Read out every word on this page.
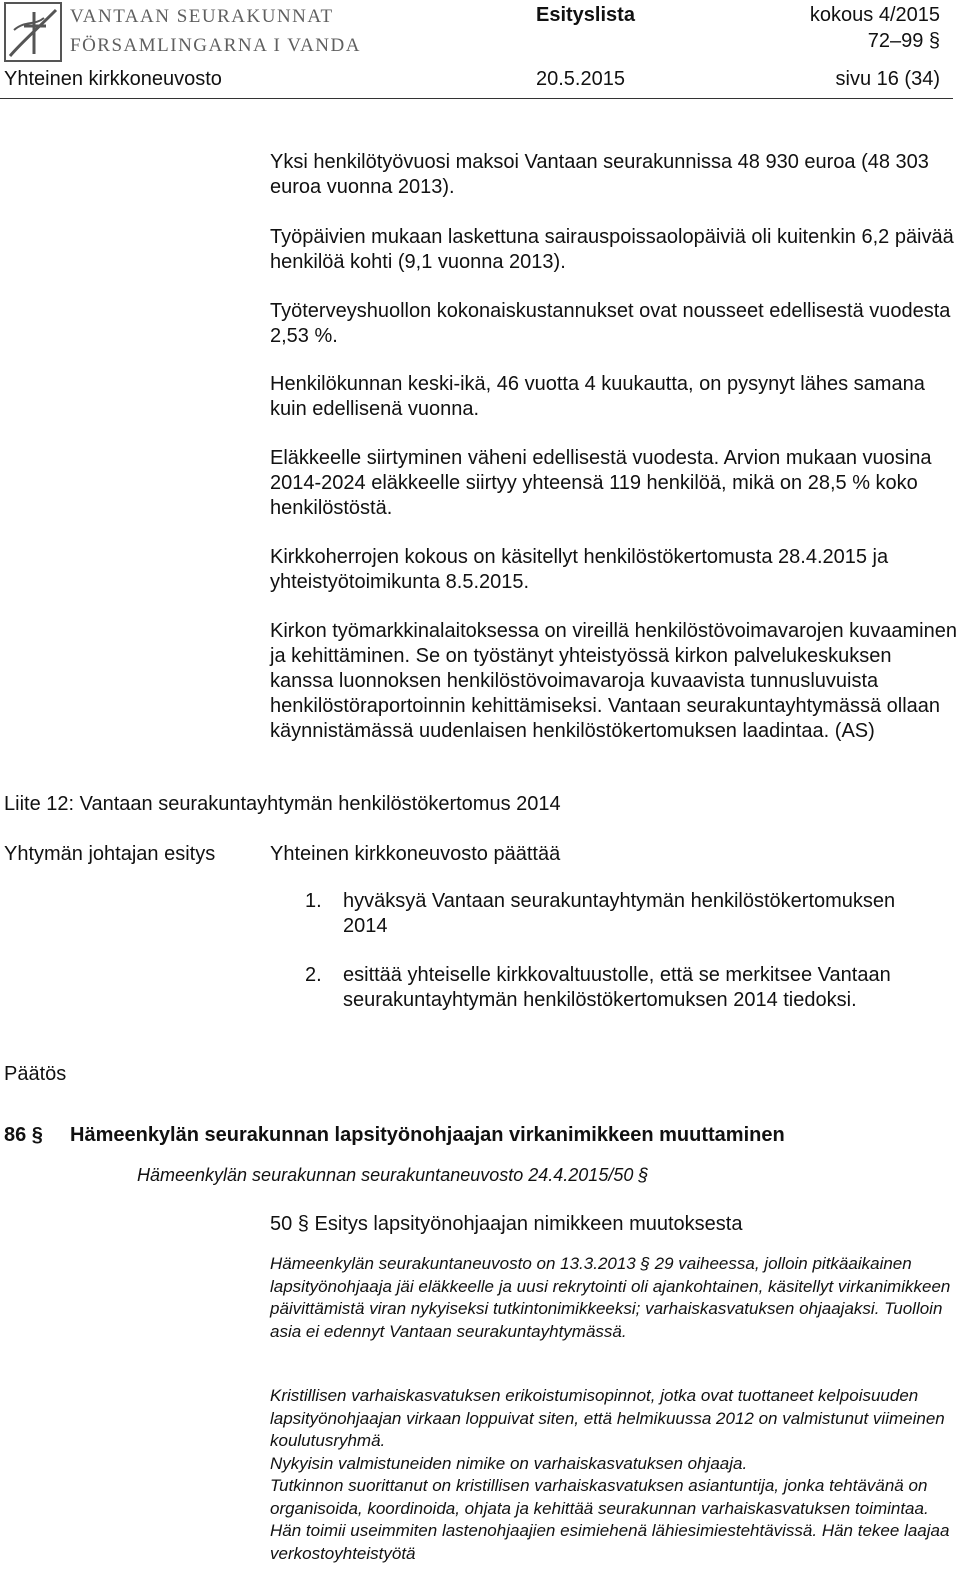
VANTAAN SEURAKUNNAT
FÖRSAMLINGARNA I VANDA
Esityslista	kokous 4/2015
72–99 §
Yhteinen kirkkoneuvosto	20.5.2015	sivu 16 (34)
Yksi henkilötyövuosi maksoi Vantaan seurakunnissa 48 930 euroa (48 303 euroa vuonna 2013).
Työpäivien mukaan laskettuna sairauspoissaolopäiviä oli kuitenkin 6,2 päivää henkilöä kohti (9,1 vuonna 2013).
Työterveyshuollon kokonaiskustannukset ovat nousseet edellisestä vuodesta 2,53 %.
Henkilökunnan keski-ikä, 46 vuotta 4 kuukautta, on pysynyt lähes samana kuin edellisenä vuonna.
Eläkkeelle siirtyminen väheni edellisestä vuodesta. Arvion mukaan vuosina 2014-2024 eläkkeelle siirtyy yhteensä 119 henkilöä, mikä on 28,5 % koko henkilöstöstä.
Kirkkoherrojen kokous on käsitellyt henkilöstökertomusta 28.4.2015 ja yhteistyötoimikunta 8.5.2015.
Kirkon työmarkkinalaitoksessa on vireillä henkilöstövoimavarojen kuvaaminen ja kehittäminen. Se on työstänyt yhteistyössä kirkon palvelukeskuksen kanssa luonnoksen henkilöstövoimavaroja kuvaavista tunnusluvuista henkilöstöraportoinnin kehittämiseksi. Vantaan seurakuntayhtymässä ollaan käynnistämässä uudenlaisen henkilöstökertomuksen laadintaa. (AS)
Liite 12: Vantaan seurakuntayhtymän henkilöstökertomus 2014
Yhtymän johtajan esitys	Yhteinen kirkkoneuvosto päättää
1.	hyväksyä Vantaan seurakuntayhtymän henkilöstökertomuksen 2014
2.	esittää yhteiselle kirkkovaltuustolle, että se merkitsee Vantaan seurakuntayhtymän henkilöstökertomuksen 2014 tiedoksi.
Päätös
86 § Hämeenkylän seurakunnan lapsityönohjaajan virkanimikkeen muuttaminen
Hämeenkylän seurakunnan seurakuntaneuvosto 24.4.2015/50 §
50 § Esitys lapsityönohjaajan nimikkeen muutoksesta
Hämeenkylän seurakuntaneuvosto on 13.3.2013 § 29 vaiheessa, jolloin pitkäaikainen lapsityönohjaaja jäi eläkkeelle ja uusi rekrytointi oli ajankohtainen, käsitellyt virkanimikkeen päivittämistä viran nykyiseksi tutkintonimikkeeksi; varhaiskasvatuksen ohjaajaksi. Tuolloin asia ei edennyt Vantaan seurakuntayhtymässä.

Kristillisen varhaiskasvatuksen erikoistumisopinnot, jotka ovat tuottaneet kelpoisuuden lapsityönohjaajan virkaan loppuivat siten, että helmikuussa 2012 on valmistunut viimeinen koulutusryhmä.

Nykyisin valmistuneiden nimike on varhaiskasvatuksen ohjaaja.

Tutkinnon suorittanut on kristillisen varhaiskasvatuksen asiantuntija, jonka tehtävänä on organisoida, koordinoida, ohjata ja kehittää seurakunnan varhaiskasvatuksen toimintaa. Hän toimii useimmiten lastenohjaajien esimiehenä lähiesimiestehtävissä. Hän tekee laajaa verkostoyhteistyötä
